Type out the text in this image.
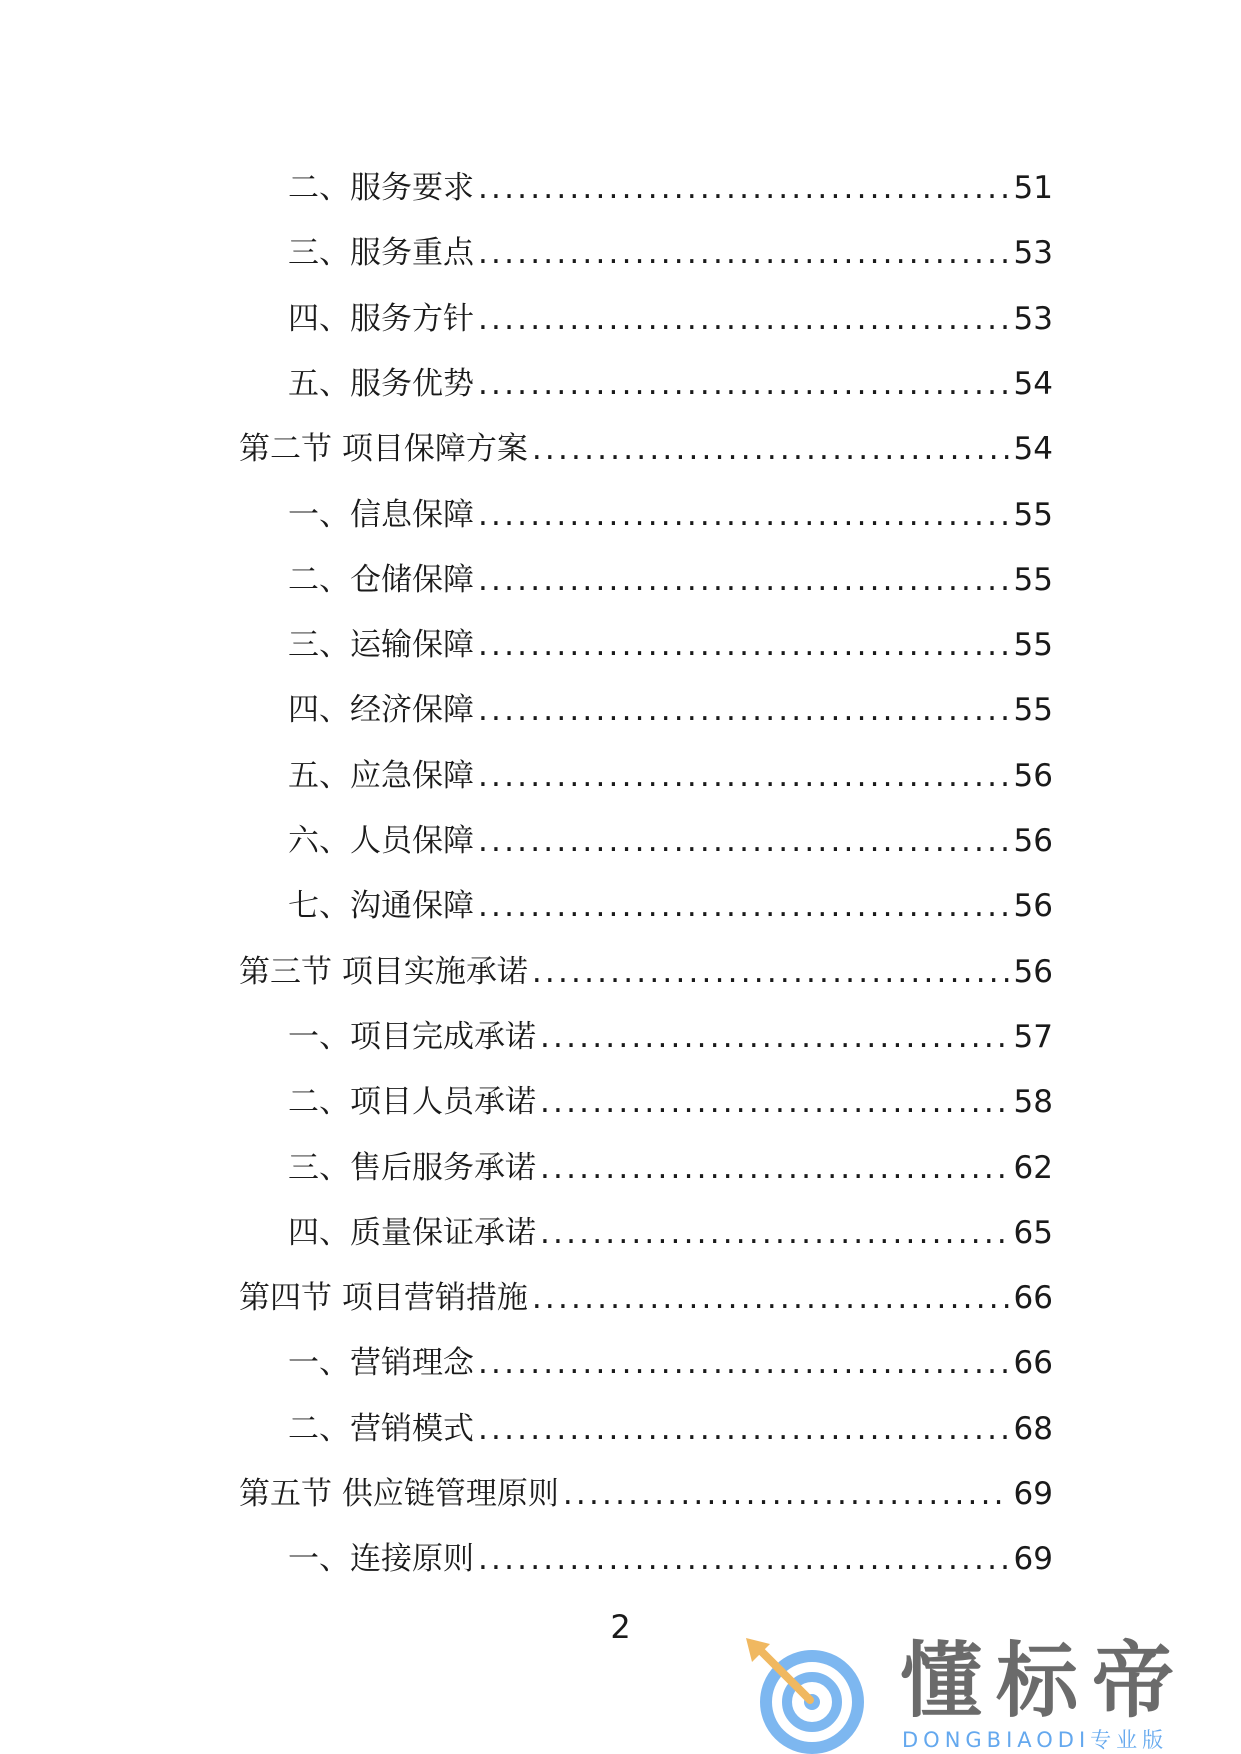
二、服务要求 .....	51
三、服务重点 .....	53
四、服务方针 .....	53
五、服务优势 .....	54
第二节 项目保障方案 .....	54
一、信息保障 .....	55
二、仓储保障 .....	55
三、运输保障 .....	55
四、经济保障 .....	55
五、应急保障 .....	56
六、人员保障 .....	56
七、沟通保障 .....	56
第三节 项目实施承诺 .....	56
一、项目完成承诺 .....	57
二、项目人员承诺 .....	58
三、售后服务承诺 .....	62
四、质量保证承诺 .....	65
第四节 项目营销措施 .....	66
一、营销理念 .....	66
二、营销模式 .....	68
第五节 供应链管理原则 .....	69
一、连接原则 .....	69
2
懂标帝
DONGBIAODI专业版
